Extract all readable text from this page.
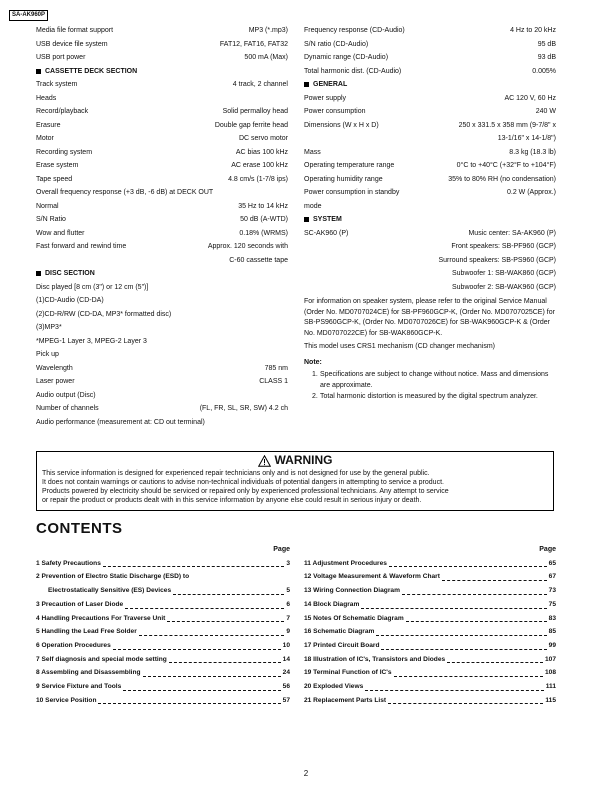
SA-AK960P
Media file format support	MP3 (*.mp3)
USB device file system	FAT12, FAT16, FAT32
USB port power	500 mA (Max)
CASSETTE DECK SECTION
Track system	4 track, 2 channel
Heads
Record/playback	Solid permalloy head
Erasure	Double gap ferrite head
Motor	DC servo motor
Recording system	AC bias 100 kHz
Erase system	AC erase 100 kHz
Tape speed	4.8 cm/s (1-7/8 ips)
Overall frequency response (+3 dB, -6 dB) at DECK OUT
Normal	35 Hz to 14 kHz
S/N Ratio	50 dB (A-WTD)
Wow and flutter	0.18% (WRMS)
Fast forward and rewind time	Approx. 120 seconds with
C-60 cassette tape
DISC SECTION
Disc played [8 cm (3") or 12 cm (5")]
(1)CD-Audio (CD-DA)
(2)CD-R/RW (CD-DA, MP3* formatted disc)
(3)MP3*
*MPEG-1 Layer 3, MPEG-2 Layer 3
Pick up
Wavelength	785 nm
Laser power	CLASS 1
Audio output (Disc)
Number of channels	(FL, FR, SL, SR, SW) 4.2 ch
Audio performance (measurement at: CD out terminal)
Frequency response (CD-Audio)	4 Hz to 20 kHz
S/N ratio (CD-Audio)	95 dB
Dynamic range (CD-Audio)	93 dB
Total harmonic dist. (CD-Audio)	0.005%
GENERAL
Power supply	AC 120 V, 60 Hz
Power consumption	240 W
Dimensions (W x H x D)	250 x 331.5 x 358 mm (9-7/8" x
13-1/16" x 14-1/8")
Mass	8.3 kg (18.3 lb)
Operating temperature range	0°C to +40°C (+32°F to +104°F)
Operating humidity range	35% to 80% RH (no condensation)
Power consumption in standby	0.2 W (Approx.)
mode
SYSTEM
SC-AK960 (P)	Music center: SA-AK960 (P)
Front speakers: SB-PF960 (GCP)
Surround speakers: SB-PS960 (GCP)
Subwoofer 1: SB-WAK860 (GCP)
Subwoofer 2: SB-WAK960 (GCP)
For information on speaker system, please refer to the original Service Manual (Order No. MD0707024CE) for SB-PF960GCP-K, (Order No. MD0707025CE) for SB-PS960GCP-K, (Order No. MD0707026CE) for SB-WAK960GCP-K & (Order No. MD0707022CE) for SB-WAK860GCP-K.
This model uses CRS1 mechanism (CD changer mechanism)
Note:
1. Specifications are subject to change without notice. Mass and dimensions are approximate.
2. Total harmonic distortion is measured by the digital spectrum analyzer.
WARNING
This service information is designed for experienced repair technicians only and is not designed for use by the general public.
It does not contain warnings or cautions to advise non-technical individuals of potential dangers in attempting to service a product.
Products powered by electricity should be serviced or repaired only by experienced professional technicians. Any attempt to service
or repair the product or products dealt with in this service information by anyone else could result in serious injury or death.
CONTENTS
Page
1 Safety Precautions	3
2 Prevention of Electro Static Discharge (ESD) to
Electrostatically Sensitive (ES) Devices	5
3 Precaution of Laser Diode	6
4 Handling Precautions For Traverse Unit	7
5 Handling the Lead Free Solder	9
6 Operation Procedures	10
7 Self diagnosis and special mode setting	14
8 Assembling and Disassembling	24
9 Service Fixture and Tools	56
10 Service Position	57
Page
11 Adjustment Procedures	65
12 Voltage Measurement & Waveform Chart	67
13 Wiring Connection Diagram	73
14 Block Diagram	75
15 Notes Of Schematic Diagram	83
16 Schematic Diagram	85
17 Printed Circuit Board	99
18 Illustration of IC's, Transistors and Diodes	107
19 Terminal Function of IC's	108
20 Exploded Views	111
21 Replacement Parts List	115
2
